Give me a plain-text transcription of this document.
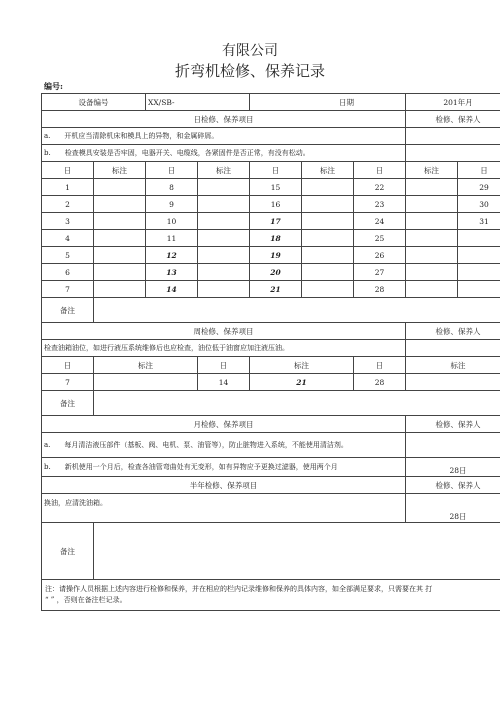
有限公司
折弯机检修、保养记录
编号:
设备编号		XX/SB-		日期			201年月	
日检修、保养项目							检修、保养人	
a.　　开机应当清除机床和模具上的异物，和金属碎屑。								
b.　　检查模具安装是否牢固，电器开关、电缆线，各紧固件是否正常，有没有松动。								
日	标注	日	标注	日	标注	日	标注	日
1		8		15		22		29
2		9		16		23		30
3		10		17		24		31
4		11		18		25		
5		12		19		26		
6		13		20		27		
7		14		21		28		
备注								
周检修、保养项目							检修、保养人	
检查油箱油位，如进行液压系统维修后也应检查，油位低于油窗应加注液压油。								
日	标注		日	标注		日	标注	
7			14	21		28		
备注								
月检修、保养项目							检修、保养人	
a.　　每月清洁液压部件（基板、阀、电机、泵、油管等），防止脏物进入系统，不能使用清洁剂。								
b.　　新机使用一个月后，检查各油管弯曲处有无变形，如有异物应予更换过滤器，使用两个月							28日	
半年检修、保养项目							检修、保养人	
换油，应清洗油箱。							28日	
备注								
注：请操作人员根据上述内容进行检修和保养，并在相应的栏内记录维修和保养的具体内容，如全部满足要求，只需要在其 打
“ ” ，否则在备注栏记录。								
